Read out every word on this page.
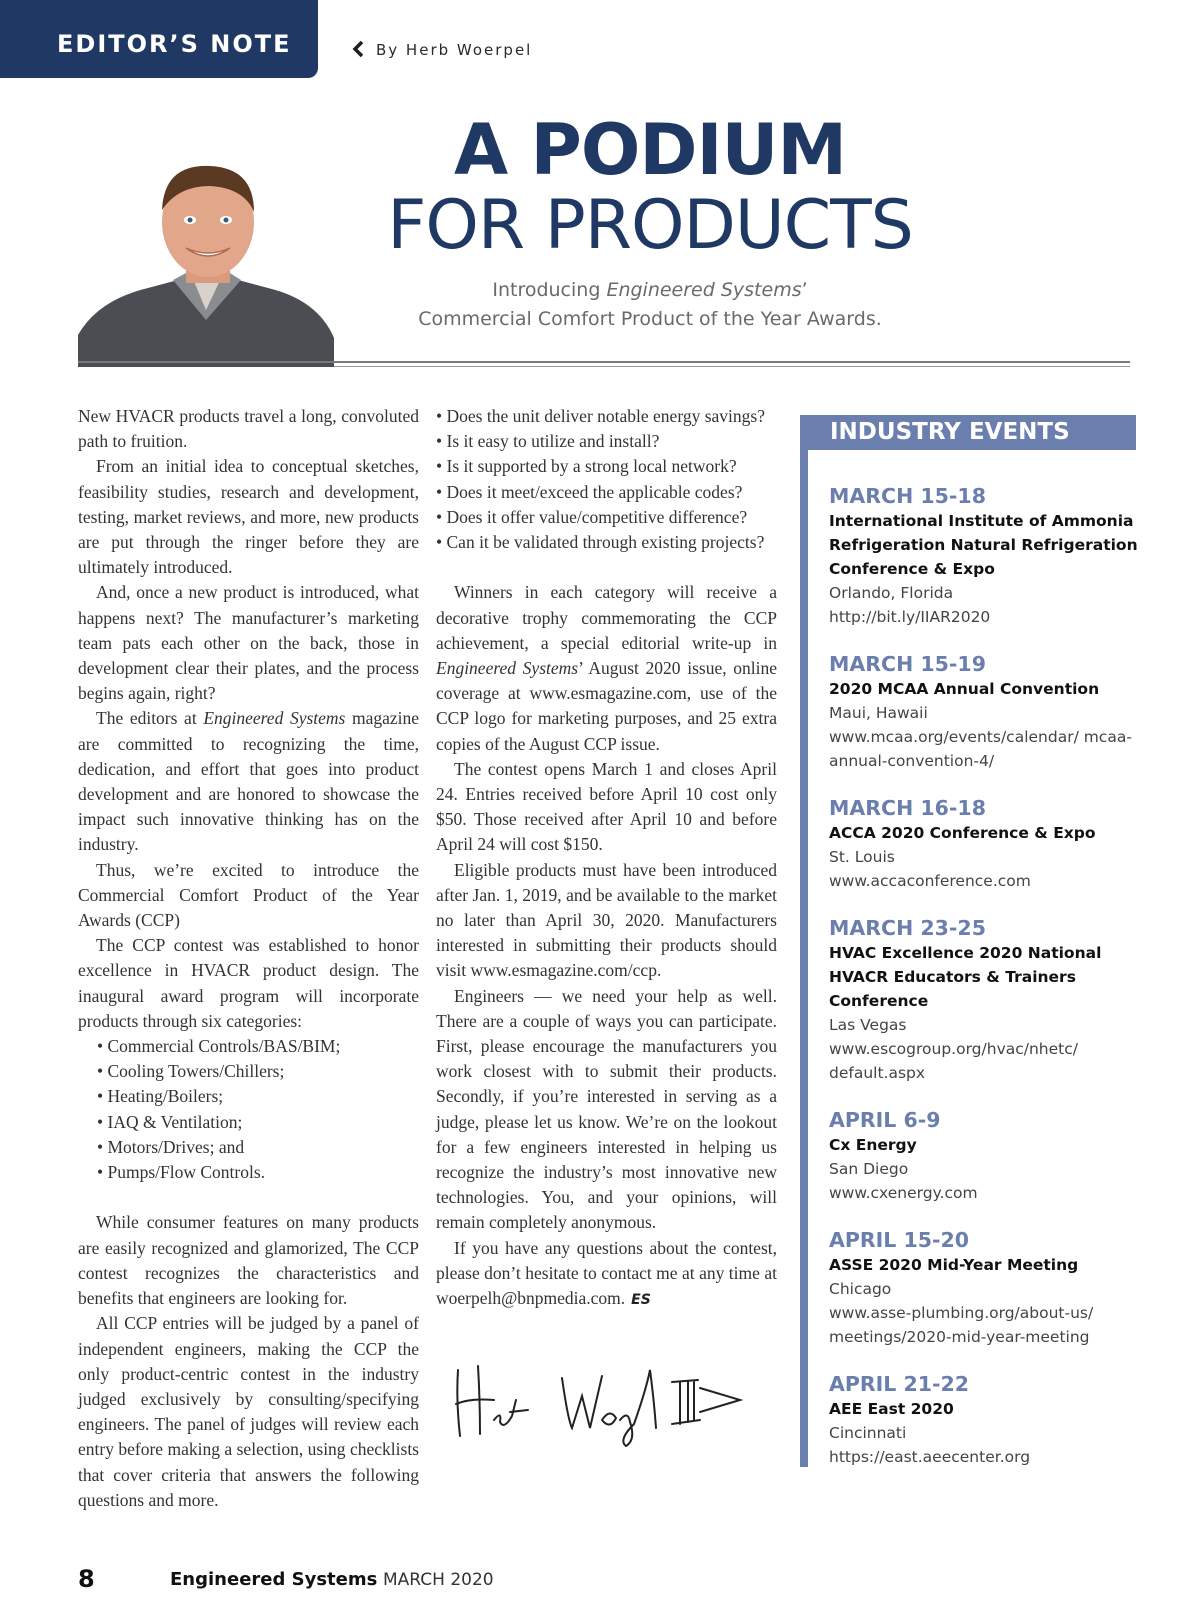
EDITOR’S NOTE	By Herb Woerpel
A PODIUM
FOR PRODUCTS
Introducing Engineered Systems’
Commercial Comfort Product of the Year Awards.

New HVACR products travel a long, convoluted path to fruition.

From an initial idea to conceptual sketches, feasibility studies, research and development, testing, market reviews, and more, new products are put through the ringer before they are ultimately introduced.

And, once a new product is introduced, what happens next? The manufacturer’s marketing team pats each other on the back, those in development clear their plates, and the process begins again, right?

The editors at Engineered Systems magazine are committed to recognizing the time, dedication, and effort that goes into product development and are honored to showcase the impact such innovative thinking has on the industry.

Thus, we’re excited to introduce the Commercial Comfort Product of the Year Awards (CCP)

The CCP contest was established to honor excellence in HVACR product design. The inaugural award program will incorporate products through six categories:

• Commercial Controls/BAS/BIM;
• Cooling Towers/Chillers;
• Heating/Boilers;
• IAQ & Ventilation;
• Motors/Drives; and
• Pumps/Flow Controls.

While consumer features on many products are easily recognized and glamorized, The CCP contest recognizes the characteristics and benefits that engineers are looking for.

All CCP entries will be judged by a panel of independent engineers, making the CCP the only product-centric contest in the industry judged exclusively by consulting/specifying engineers. The panel of judges will review each entry before making a selection, using checklists that cover criteria that answers the following questions and more.

• Does the unit deliver notable energy savings?
• Is it easy to utilize and install?
• Is it supported by a strong local network?
• Does it meet/exceed the applicable codes?
• Does it offer value/competitive difference?
• Can it be validated through existing projects?

Winners in each category will receive a decorative trophy commemorating the CCP achievement, a special editorial write-up in Engineered Systems’ August 2020 issue, online coverage at www.esmagazine.com, use of the CCP logo for marketing purposes, and 25 extra copies of the August CCP issue.

The contest opens March 1 and closes April 24. Entries received before April 10 cost only $50. Those received after April 10 and before April 24 will cost $150.

Eligible products must have been introduced after Jan. 1, 2019, and be available to the market no later than April 30, 2020. Manufacturers interested in submitting their products should visit www.esmagazine.com/ccp.

Engineers — we need your help as well. There are a couple of ways you can participate. First, please encourage the manufacturers you work closest with to submit their products. Secondly, if you’re interested in serving as a judge, please let us know. We’re on the lookout for a few engineers interested in helping us recognize the industry’s most innovative new technologies. You, and your opinions, will remain completely anonymous.

If you have any questions about the contest, please don’t hesitate to contact me at any time at woerpelh@bnpmedia.com. ES

INDUSTRY EVENTS
MARCH 15-18
International Institute of Ammonia Refrigeration Natural Refrigeration Conference & Expo
Orlando, Florida
http://bit.ly/IIAR2020
MARCH 15-19
2020 MCAA Annual Convention
Maui, Hawaii
www.mcaa.org/events/calendar/ mcaa-annual-convention-4/
MARCH 16-18
ACCA 2020 Conference & Expo
St. Louis
www.accaconference.com
MARCH 23-25
HVAC Excellence 2020 National HVACR Educators & Trainers Conference
Las Vegas
www.escogroup.org/hvac/nhetc/ default.aspx
APRIL 6-9
Cx Energy
San Diego
www.cxenergy.com
APRIL 15-20
ASSE 2020 Mid-Year Meeting
Chicago
www.asse-plumbing.org/about-us/ meetings/2020-mid-year-meeting
APRIL 21-22
AEE East 2020
Cincinnati
https://east.aeecenter.org
8	Engineered Systems MARCH 2020
